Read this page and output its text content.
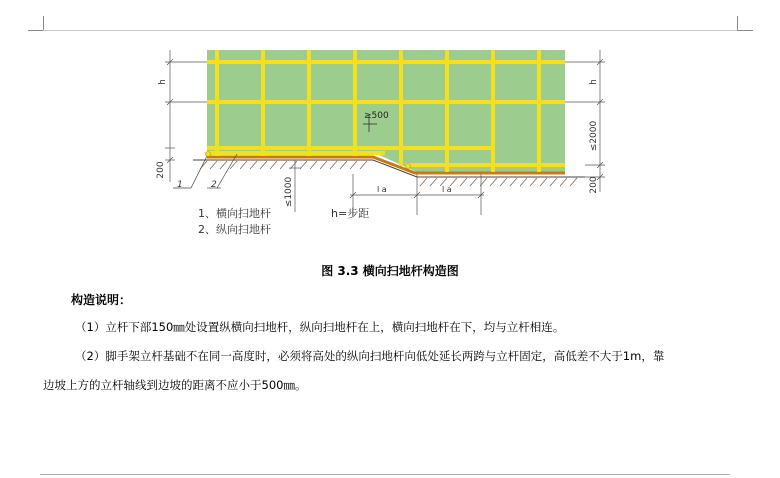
h
200
h
≤2000
200
≥500
≤1000	l a	l a
1	2
1、横向扫地杆	h=步距
2、纵向扫地杆
图 3.3 横向扫地杆构造图
构造说明：
（1）立杆下部150㎜处设置纵横向扫地杆，纵向扫地杆在上，横向扫地杆在下，均与立杆相连。
（2）脚手架立杆基础不在同一高度时，必须将高处的纵向扫地杆向低处延长两跨与立杆固定，高低差不大于1m，靠
边坡上方的立杆轴线到边坡的距离不应小于500㎜。
